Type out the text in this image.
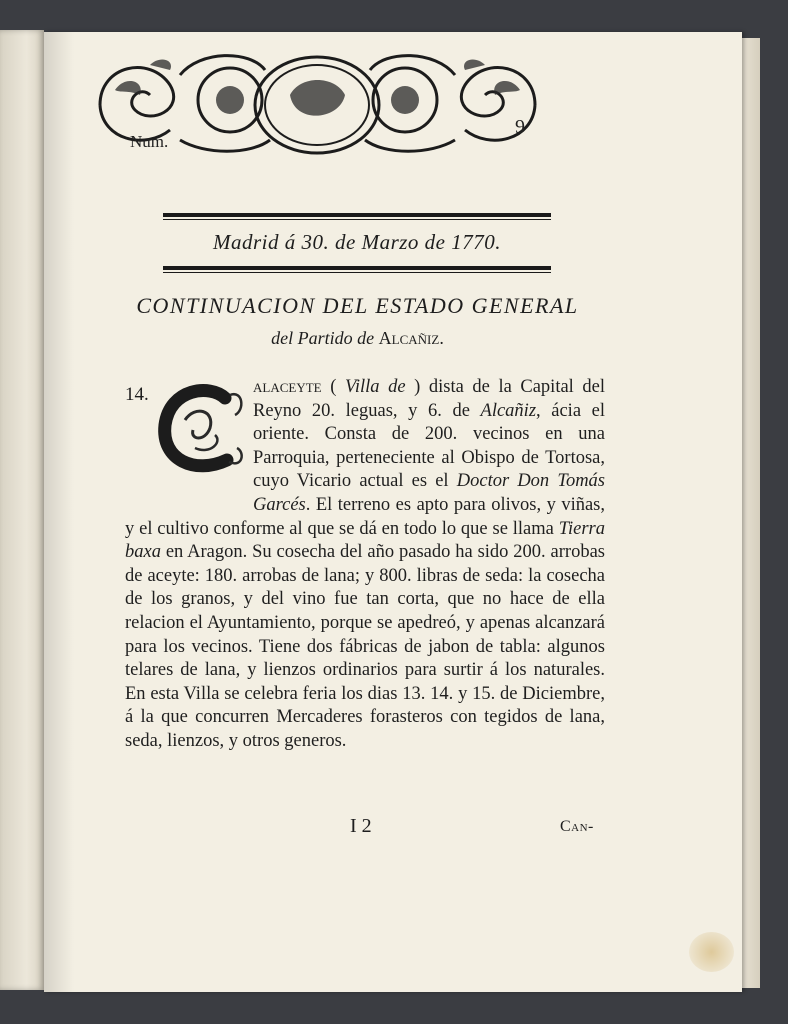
Num.
9
Madrid á 30. de Marzo de 1770.
CONTINUACION DEL ESTADO GENERAL
del Partido de Alcañiz.
14.	alaceyte ( Villa de ) dista de la Capital del Reyno 20. leguas, y 6. de Alcañiz, ácia el oriente. Consta de 200. vecinos en una Parroquia, perteneciente al Obispo de Tortosa, cuyo Vicario actual es el Doctor Don Tomás Garcés. El terreno es apto para olivos, y viñas, y el cultivo conforme al que se dá en todo lo que se llama Tierra baxa en Aragon. Su cosecha del año pasado ha sido 200. arrobas de aceyte: 180. arrobas de lana; y 800. libras de seda: la cosecha de los granos, y del vino fue tan corta, que no hace de ella relacion el Ayuntamiento, porque se apedreó, y apenas alcanzará para los vecinos. Tiene dos fábricas de jabon de tabla: algunos telares de lana, y lienzos ordinarios para surtir á los naturales. En esta Villa se celebra feria los dias 13. 14. y 15. de Diciembre, á la que concurren Mercaderes forasteros con tegidos de lana, seda, lienzos, y otros generos.
I 2	Can-
